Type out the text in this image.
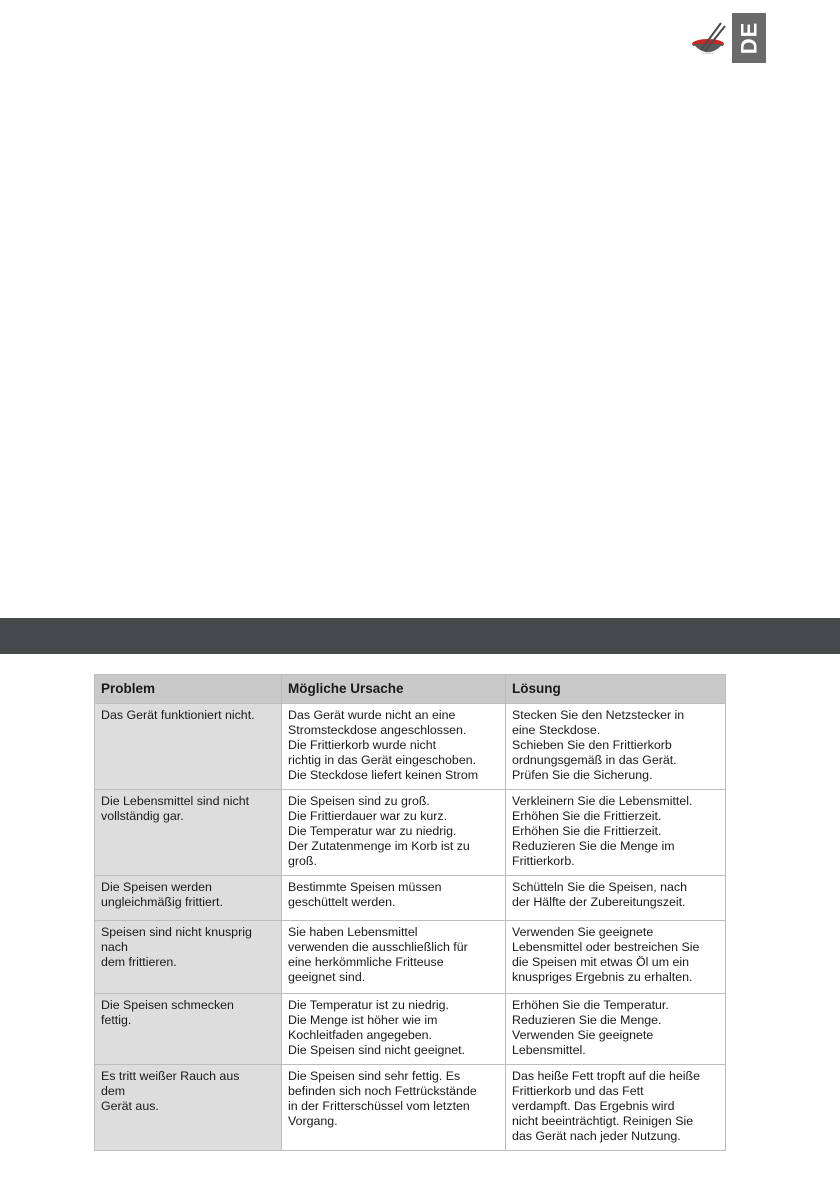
DE
Problem	Mögliche Ursache	Lösung

Das Gerät funktioniert nicht.	Das Gerät wurde nicht an eine
Stromsteckdose angeschlossen.
Die Frittierkorb wurde nicht
richtig in das Gerät eingeschoben.
Die Steckdose liefert keinen Strom	Stecken Sie den Netzstecker in
eine Steckdose.
Schieben Sie den Frittierkorb
ordnungsgemäß in das Gerät.
Prüfen Sie die Sicherung.

Die Lebensmittel sind nicht
vollständig gar.	Die Speisen sind zu groß.
Die Frittierdauer war zu kurz.
Die Temperatur war zu niedrig.
Der Zutatenmenge im Korb ist zu
groß.	Verkleinern Sie die Lebensmittel.
Erhöhen Sie die Frittierzeit.
Erhöhen Sie die Frittierzeit.
Reduzieren Sie die Menge im
Frittierkorb.

Die Speisen werden
ungleichmäßig frittiert.	Bestimmte Speisen müssen
geschüttelt werden.	Schütteln Sie die Speisen, nach
der Hälfte der Zubereitungszeit.

Speisen sind nicht knusprig
nach
dem frittieren.	Sie haben Lebensmittel
verwenden die ausschließlich für
eine herkömmliche Fritteuse
geeignet sind.	Verwenden Sie geeignete
Lebensmittel oder bestreichen Sie
die Speisen mit etwas Öl um ein
knuspriges Ergebnis zu erhalten.

Die Speisen schmecken
fettig.	Die Temperatur ist zu niedrig.
Die Menge ist höher wie im
Kochleitfaden angegeben.
Die Speisen sind nicht geeignet.	Erhöhen Sie die Temperatur.
Reduzieren Sie die Menge.
Verwenden Sie geeignete
Lebensmittel.

Es tritt weißer Rauch aus
dem
Gerät aus.	Die Speisen sind sehr fettig. Es
befinden sich noch Fettrückstände
in der Fritterschüssel vom letzten
Vorgang.	Das heiße Fett tropft auf die heiße
Frittierkorb und das Fett
verdampft. Das Ergebnis wird
nicht beeinträchtigt. Reinigen Sie
das Gerät nach jeder Nutzung.
